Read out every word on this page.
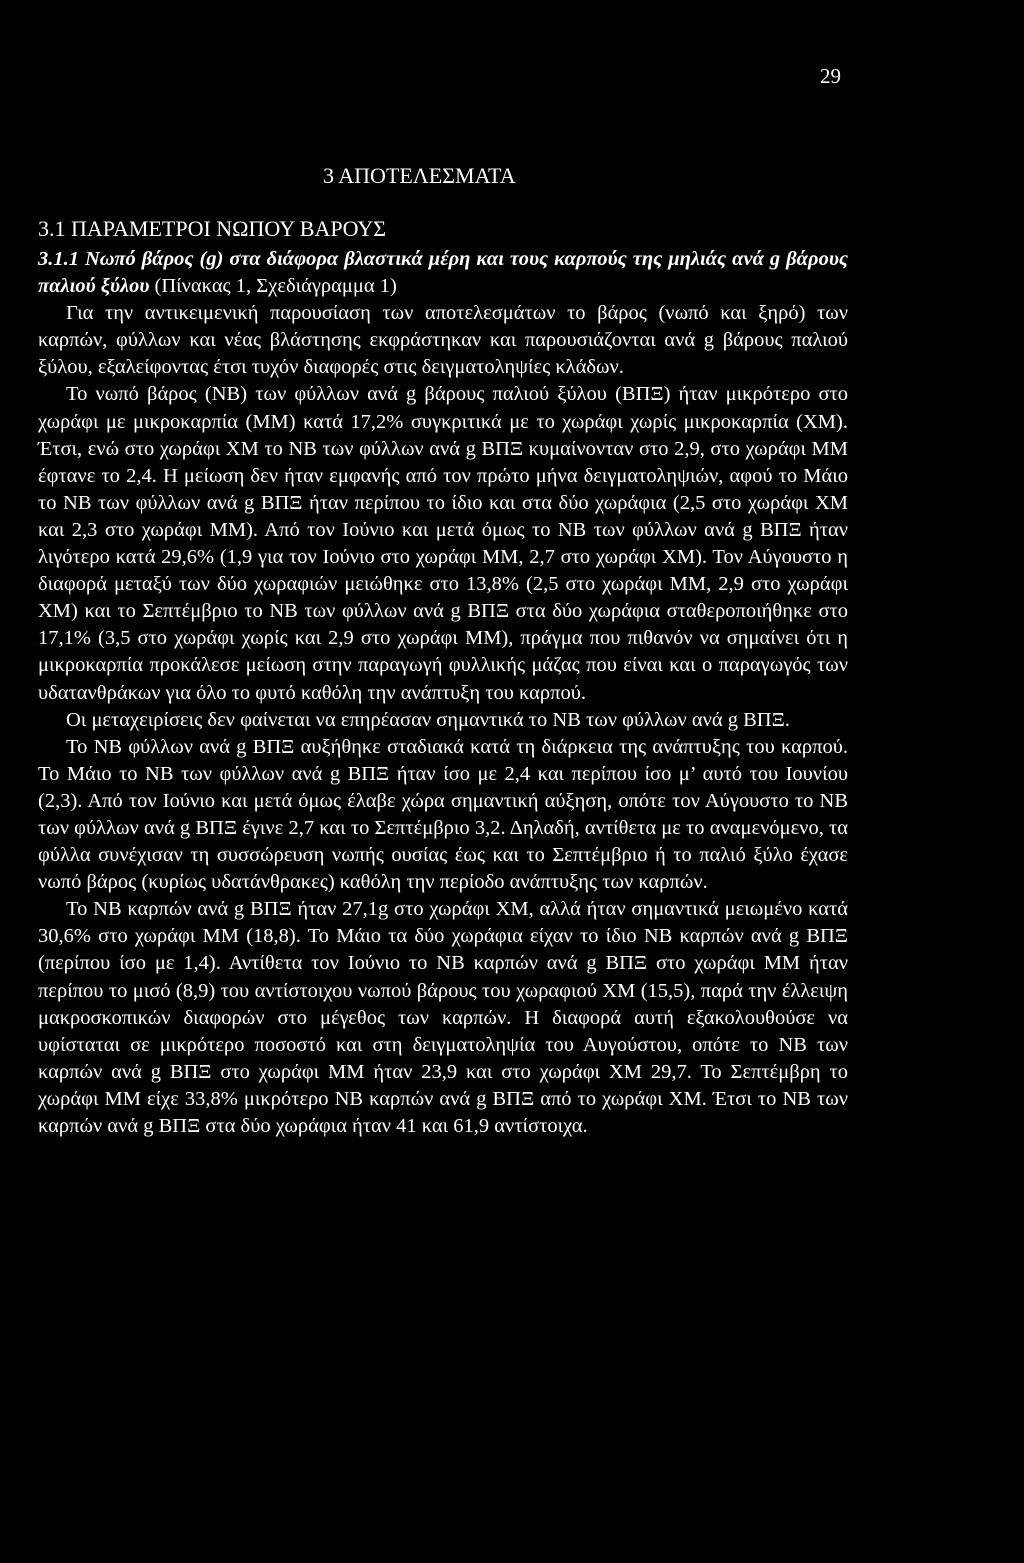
29
3 ΑΠΟΤΕΛΕΣΜΑΤΑ
3.1 ΠΑΡΑΜΕΤΡΟΙ ΝΩΠΟΥ ΒΑΡΟΥΣ

3.1.1 Νωπό βάρος (g) στα διάφορα βλαστικά μέρη και τους καρπούς της μηλιάς ανά g βάρους παλιού ξύλου (Πίνακας 1, Σχεδιάγραμμα 1)

Για την αντικειμενική παρουσίαση των αποτελεσμάτων το βάρος (νωπό και ξηρό) των καρπών, φύλλων και νέας βλάστησης εκφράστηκαν και παρουσιάζονται ανά g βάρους παλιού ξύλου, εξαλείφοντας έτσι τυχόν διαφορές στις δειγματοληψίες κλάδων.

Το νωπό βάρος (ΝΒ) των φύλλων ανά g βάρους παλιού ξύλου (ΒΠΞ) ήταν μικρότερο στο χωράφι με μικροκαρπία (ΜΜ) κατά 17,2% συγκριτικά με το χωράφι χωρίς μικροκαρπία (ΧΜ). Έτσι, ενώ στο χωράφι ΧΜ το ΝΒ των φύλλων ανά g ΒΠΞ κυμαίνονταν στο 2,9, στο χωράφι ΜΜ έφτανε το 2,4. Η μείωση δεν ήταν εμφανής από τον πρώτο μήνα δειγματοληψιών, αφού το Μάιο το ΝΒ των φύλλων ανά g ΒΠΞ ήταν περίπου το ίδιο και στα δύο χωράφια (2,5 στο χωράφι ΧΜ και 2,3 στο χωράφι ΜΜ). Από τον Ιούνιο και μετά όμως το ΝΒ των φύλλων ανά g ΒΠΞ ήταν λιγότερο κατά 29,6% (1,9 για τον Ιούνιο στο χωράφι ΜΜ, 2,7 στο χωράφι ΧΜ). Τον Αύγουστο η διαφορά μεταξύ των δύο χωραφιών μειώθηκε στο 13,8% (2,5 στο χωράφι ΜΜ, 2,9 στο χωράφι ΧΜ) και το Σεπτέμβριο το ΝΒ των φύλλων ανά g ΒΠΞ στα δύο χωράφια σταθεροποιήθηκε στο 17,1% (3,5 στο χωράφι χωρίς και 2,9 στο χωράφι ΜΜ), πράγμα που πιθανόν να σημαίνει ότι η μικροκαρπία προκάλεσε μείωση στην παραγωγή φυλλικής μάζας που είναι και ο παραγωγός των υδατανθράκων για όλο το φυτό καθόλη την ανάπτυξη του καρπού.

Οι μεταχειρίσεις δεν φαίνεται να επηρέασαν σημαντικά το ΝΒ των φύλλων ανά g ΒΠΞ.

Το ΝΒ φύλλων ανά g ΒΠΞ αυξήθηκε σταδιακά κατά τη διάρκεια της ανάπτυξης του καρπού. Το Μάιο το ΝΒ των φύλλων ανά g ΒΠΞ ήταν ίσο με 2,4 και περίπου ίσο μ’ αυτό του Ιουνίου (2,3). Από τον Ιούνιο και μετά όμως έλαβε χώρα σημαντική αύξηση, οπότε τον Αύγουστο το ΝΒ των φύλλων ανά g ΒΠΞ έγινε 2,7 και το Σεπτέμβριο 3,2. Δηλαδή, αντίθετα με το αναμενόμενο, τα φύλλα συνέχισαν τη συσσώρευση νωπής ουσίας έως και το Σεπτέμβριο ή το παλιό ξύλο έχασε νωπό βάρος (κυρίως υδατάνθρακες) καθόλη την περίοδο ανάπτυξης των καρπών.

Το ΝΒ καρπών ανά g ΒΠΞ ήταν 27,1g στο χωράφι ΧΜ, αλλά ήταν σημαντικά μειωμένο κατά 30,6% στο χωράφι ΜΜ (18,8). Το Μάιο τα δύο χωράφια είχαν το ίδιο ΝΒ καρπών ανά g ΒΠΞ (περίπου ίσο με 1,4). Αντίθετα τον Ιούνιο το ΝΒ καρπών ανά g ΒΠΞ στο χωράφι ΜΜ ήταν περίπου το μισό (8,9) του αντίστοιχου νωπού βάρους του χωραφιού ΧΜ (15,5), παρά την έλλειψη μακροσκοπικών διαφορών στο μέγεθος των καρπών. Η διαφορά αυτή εξακολουθούσε να υφίσταται σε μικρότερο ποσοστό και στη δειγματοληψία του Αυγούστου, οπότε το ΝΒ των καρπών ανά g ΒΠΞ στο χωράφι ΜΜ ήταν 23,9 και στο χωράφι ΧΜ 29,7. Το Σεπτέμβρη το χωράφι ΜΜ είχε 33,8% μικρότερο ΝΒ καρπών ανά g ΒΠΞ από το χωράφι ΧΜ. Έτσι το ΝΒ των καρπών ανά g ΒΠΞ στα δύο χωράφια ήταν 41 και 61,9 αντίστοιχα.
